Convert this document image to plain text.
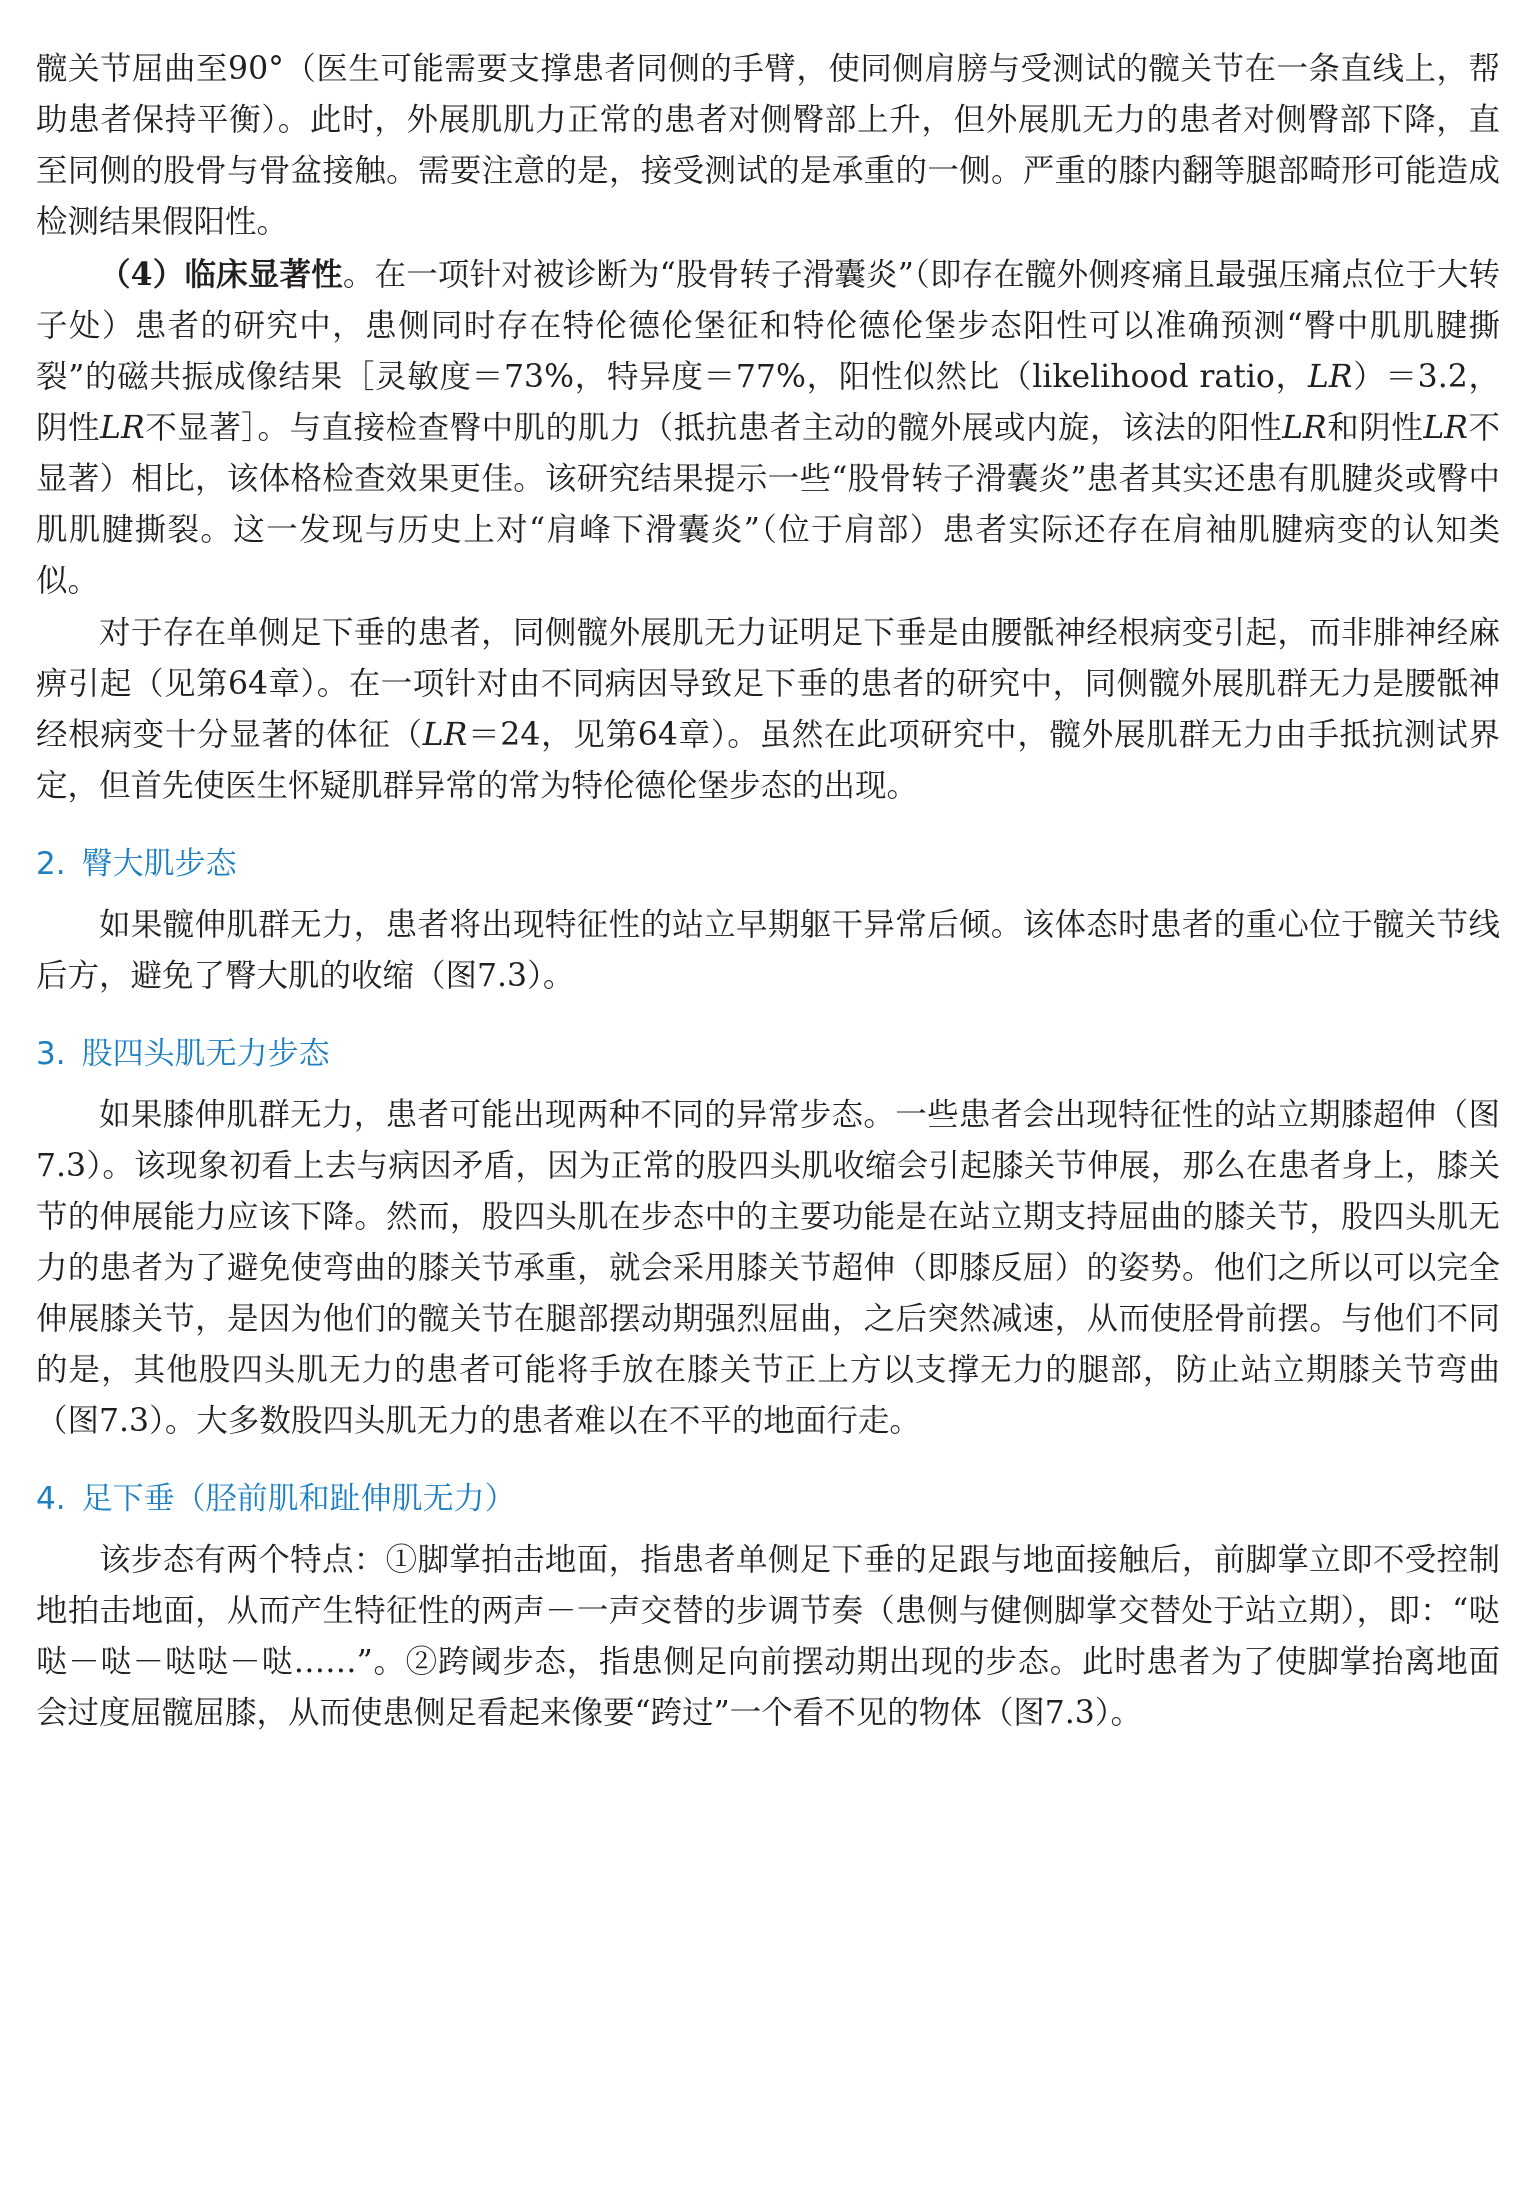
髋关节屈曲至90°（医生可能需要支撑患者同侧的手臂，使同侧肩膀与受测试的髋关节在一条直线上，帮助患者保持平衡）。此时，外展肌肌力正常的患者对侧臀部上升，但外展肌无力的患者对侧臀部下降，直至同侧的股骨与骨盆接触。需要注意的是，接受测试的是承重的一侧。严重的膝内翻等腿部畸形可能造成检测结果假阳性。

（4）临床显著性。在一项针对被诊断为“股骨转子滑囊炎”（即存在髋外侧疼痛且最强压痛点位于大转子处）患者的研究中，患侧同时存在特伦德伦堡征和特伦德伦堡步态阳性可以准确预测“臀中肌肌腱撕裂”的磁共振成像结果［灵敏度＝73%，特异度＝77%，阳性似然比（likelihood ratio，LR）＝3.2，阴性LR不显著］。与直接检查臀中肌的肌力（抵抗患者主动的髋外展或内旋，该法的阳性LR和阴性LR不显著）相比，该体格检查效果更佳。该研究结果提示一些“股骨转子滑囊炎”患者其实还患有肌腱炎或臀中肌肌腱撕裂。这一发现与历史上对“肩峰下滑囊炎”（位于肩部）患者实际还存在肩袖肌腱病变的认知类似。

对于存在单侧足下垂的患者，同侧髋外展肌无力证明足下垂是由腰骶神经根病变引起，而非腓神经麻痹引起（见第64章）。在一项针对由不同病因导致足下垂的患者的研究中，同侧髋外展肌群无力是腰骶神经根病变十分显著的体征（LR＝24，见第64章）。虽然在此项研究中，髋外展肌群无力由手抵抗测试界定，但首先使医生怀疑肌群异常的常为特伦德伦堡步态的出现。

2. 臀大肌步态

如果髋伸肌群无力，患者将出现特征性的站立早期躯干异常后倾。该体态时患者的重心位于髋关节线后方，避免了臀大肌的收缩（图7.3）。

3. 股四头肌无力步态

如果膝伸肌群无力，患者可能出现两种不同的异常步态。一些患者会出现特征性的站立期膝超伸（图7.3）。该现象初看上去与病因矛盾，因为正常的股四头肌收缩会引起膝关节伸展，那么在患者身上，膝关节的伸展能力应该下降。然而，股四头肌在步态中的主要功能是在站立期支持屈曲的膝关节，股四头肌无力的患者为了避免使弯曲的膝关节承重，就会采用膝关节超伸（即膝反屈）的姿势。他们之所以可以完全伸展膝关节，是因为他们的髋关节在腿部摆动期强烈屈曲，之后突然减速，从而使胫骨前摆。与他们不同的是，其他股四头肌无力的患者可能将手放在膝关节正上方以支撑无力的腿部，防止站立期膝关节弯曲（图7.3）。大多数股四头肌无力的患者难以在不平的地面行走。

4. 足下垂（胫前肌和趾伸肌无力）

该步态有两个特点：①脚掌拍击地面，指患者单侧足下垂的足跟与地面接触后，前脚掌立即不受控制地拍击地面，从而产生特征性的两声－一声交替的步调节奏（患侧与健侧脚掌交替处于站立期），即：“哒哒－哒－哒哒－哒……”。②跨阈步态，指患侧足向前摆动期出现的步态。此时患者为了使脚掌抬离地面会过度屈髋屈膝，从而使患侧足看起来像要“跨过”一个看不见的物体（图7.3）。
